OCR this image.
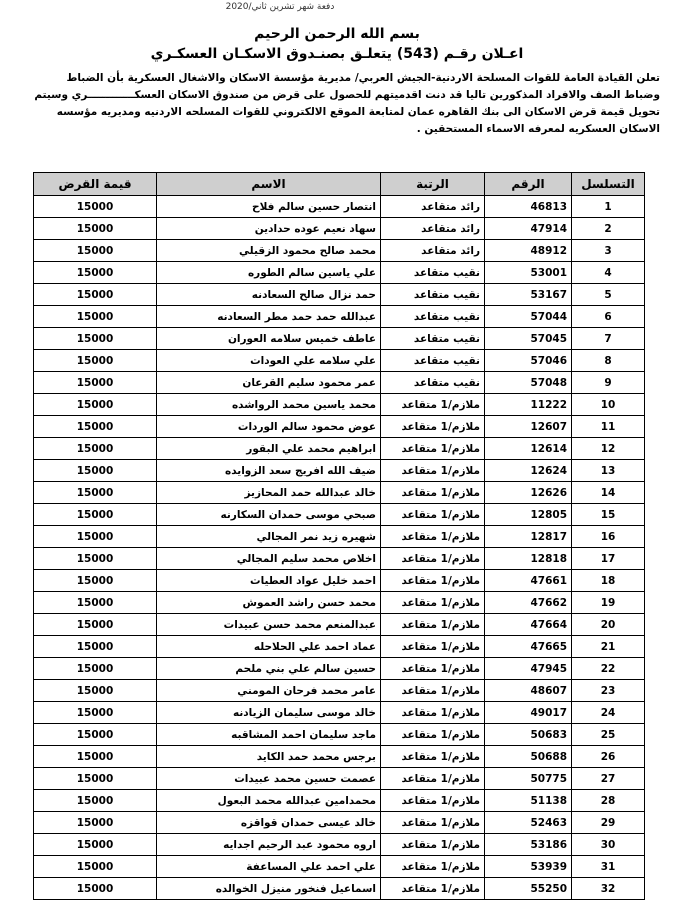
دفعة شهر تشرين ثاني/2020
بسم الله الرحمن الرحيم
اعـلان رقـم (543) يتعلـق بصنـدوق الاسكـان العسكـري
تعلن القيادة العامة للقوات المسلحة الاردنية-الجيش العربي/ مديرية مؤسسة الاسكان والاشغال العسكرية بأن الضباط وضباط الصف والافراد المذكورين تاليا قد دنت اقدميتهم للحصول على قرض من صندوق الاسكان العسكـــــــــــــري وسيتم تحويل قيمة قرض الاسكان الى بنك القاهره عمان لمتابعة الموقع الالكتروني للقوات المسلحه الاردنيه ومديريه مؤسسه الاسكان العسكريه لمعرفه الاسماء المستحقين .
التسلسل	الرقم	الرتبة	الاسم	قيمة القرض
1	46813	رائد متقاعد	انتصار حسين سالم فلاح	15000
2	47914	رائد متقاعد	سهاد نعيم عوده حدادين	15000
3	48912	رائد متقاعد	محمد صالح محمود الزقيلي	15000
4	53001	نقيب متقاعد	علي ياسين سالم الطوره	15000
5	53167	نقيب متقاعد	حمد نزال صالح السعادنه	15000
6	57044	نقيب متقاعد	عبدالله حمد حمد مطر السعادنه	15000
7	57045	نقيب متقاعد	عاطف خميس سلامه العوران	15000
8	57046	نقيب متقاعد	علي سلامه علي العودات	15000
9	57048	نقيب متقاعد	عمر محمود سليم القرعان	15000
10	11222	ملازم/1 متقاعد	محمد ياسين محمد الرواشده	15000
11	12607	ملازم/1 متقاعد	عوض محمود سالم الوردات	15000
12	12614	ملازم/1 متقاعد	ابراهيم محمد علي البقور	15000
13	12624	ملازم/1 متقاعد	ضيف الله افريج سعد الزوايده	15000
14	12626	ملازم/1 متقاعد	خالد عبدالله حمد المحازيز	15000
15	12805	ملازم/1 متقاعد	صبحي موسى حمدان السكارنه	15000
16	12817	ملازم/1 متقاعد	شهيره زيد نمر المجالي	15000
17	12818	ملازم/1 متقاعد	اخلاص محمد سليم المجالي	15000
18	47661	ملازم/1 متقاعد	احمد خليل عواد العطيات	15000
19	47662	ملازم/1 متقاعد	محمد حسن راشد العموش	15000
20	47664	ملازم/1 متقاعد	عبدالمنعم محمد حسن عبيدات	15000
21	47665	ملازم/1 متقاعد	عماد احمد علي الحلاحله	15000
22	47945	ملازم/1 متقاعد	حسين سالم علي بني ملحم	15000
23	48607	ملازم/1 متقاعد	عامر محمد فرحان المومني	15000
24	49017	ملازم/1 متقاعد	خالد موسى سليمان الزيادنه	15000
25	50683	ملازم/1 متقاعد	ماجد سليمان احمد المشاقبه	15000
26	50688	ملازم/1 متقاعد	برجس محمد حمد الكايد	15000
27	50775	ملازم/1 متقاعد	عصمت حسين محمد عبيدات	15000
28	51138	ملازم/1 متقاعد	محمدامين عبدالله محمد البعول	15000
29	52463	ملازم/1 متقاعد	خالد عيسى حمدان قواقزه	15000
30	53186	ملازم/1 متقاعد	اروه محمود عبد الرحيم اجدايه	15000
31	53939	ملازم/1 متقاعد	علي احمد علي المساعفة	15000
32	55250	ملازم/1 متقاعد	اسماعيل فنخور منيزل الخوالده	15000
